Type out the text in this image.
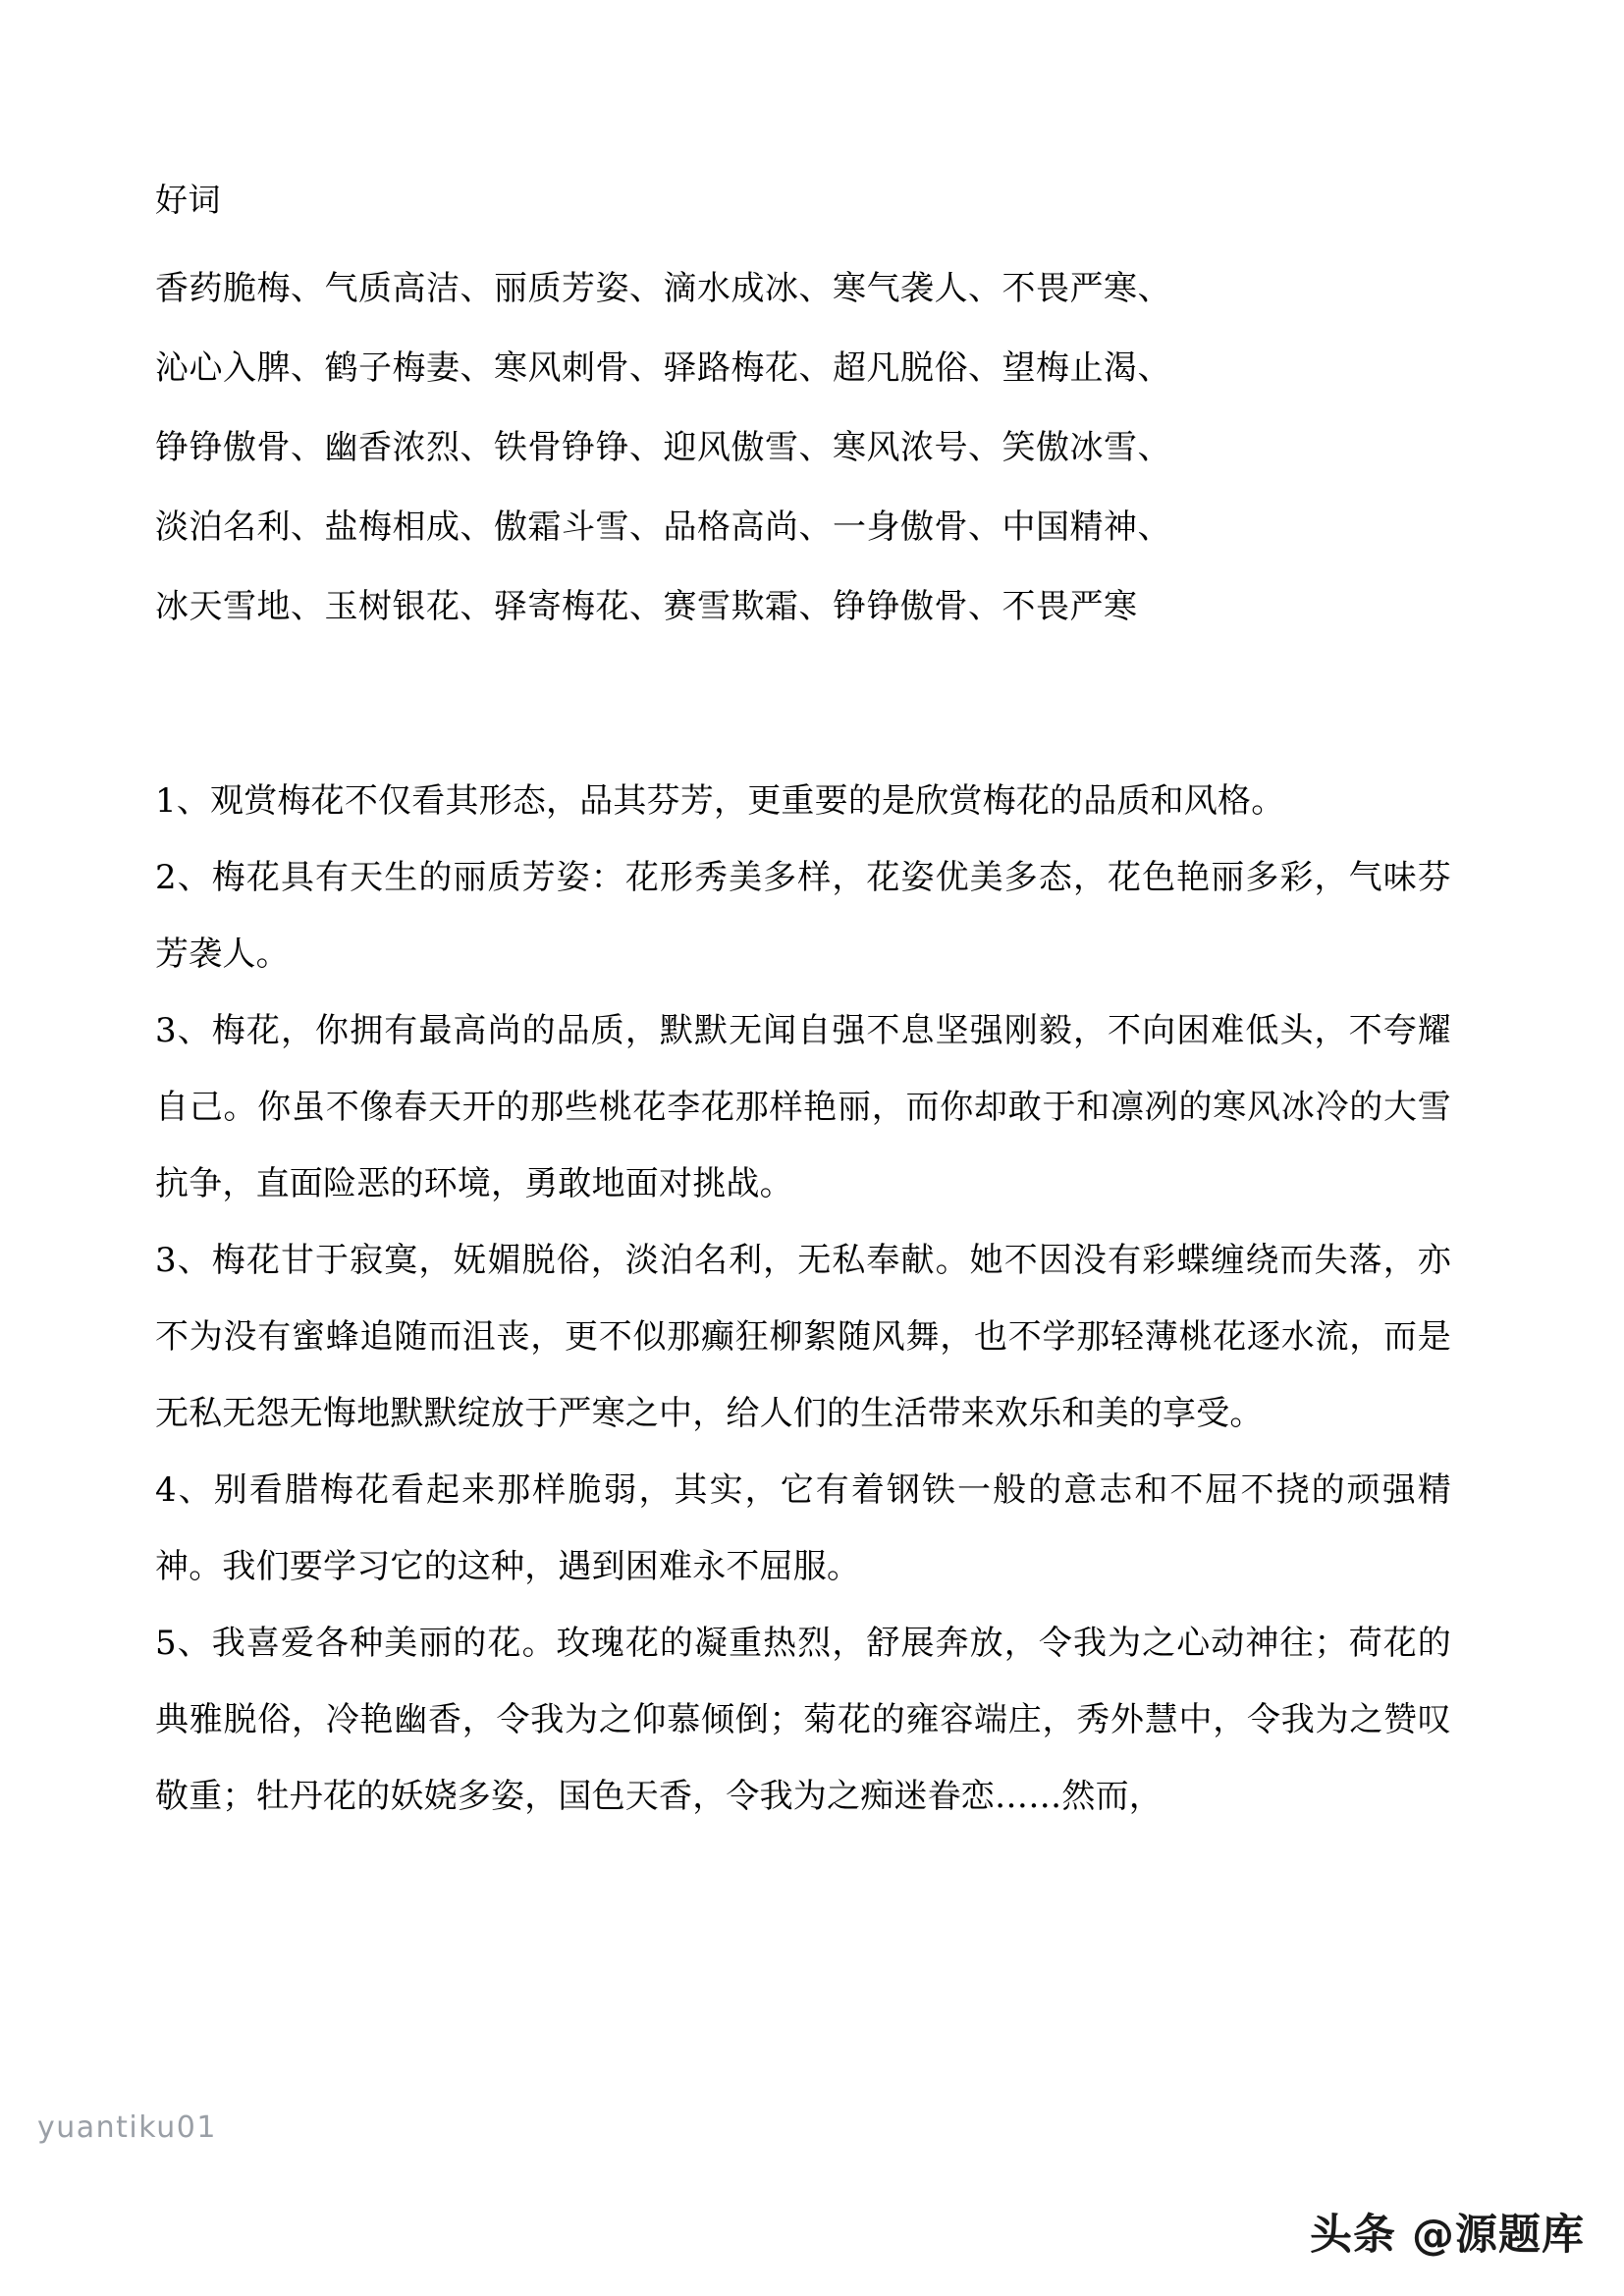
好词
香药脆梅、气质高洁、丽质芳姿、滴水成冰、寒气袭人、不畏严寒、
沁心入脾、鹤子梅妻、寒风刺骨、驿路梅花、超凡脱俗、望梅止渴、
铮铮傲骨、幽香浓烈、铁骨铮铮、迎风傲雪、寒风浓号、笑傲冰雪、
淡泊名利、盐梅相成、傲霜斗雪、品格高尚、一身傲骨、中国精神、
冰天雪地、玉树银花、驿寄梅花、赛雪欺霜、铮铮傲骨、不畏严寒

1、观赏梅花不仅看其形态，品其芬芳，更重要的是欣赏梅花的品质和风格。

2、梅花具有天生的丽质芳姿：花形秀美多样，花姿优美多态，花色艳丽多彩，气味芬芳袭人。

3、梅花，你拥有最高尚的品质，默默无闻自强不息坚强刚毅，不向困难低头，不夸耀自己。你虽不像春天开的那些桃花李花那样艳丽，而你却敢于和凛冽的寒风冰冷的大雪抗争，直面险恶的环境，勇敢地面对挑战。

3、梅花甘于寂寞，妩媚脱俗，淡泊名利，无私奉献。她不因没有彩蝶缠绕而失落，亦不为没有蜜蜂追随而沮丧，更不似那癫狂柳絮随风舞，也不学那轻薄桃花逐水流，而是无私无怨无悔地默默绽放于严寒之中，给人们的生活带来欢乐和美的享受。

4、别看腊梅花看起来那样脆弱，其实，它有着钢铁一般的意志和不屈不挠的顽强精神。我们要学习它的这种，遇到困难永不屈服。

5、我喜爱各种美丽的花。玫瑰花的凝重热烈，舒展奔放，令我为之心动神往；荷花的典雅脱俗，冷艳幽香，令我为之仰慕倾倒；菊花的雍容端庄，秀外慧中，令我为之赞叹敬重；牡丹花的妖娆多姿，国色天香，令我为之痴迷眷恋……然而，

yuantiku01
头条 @源题库
